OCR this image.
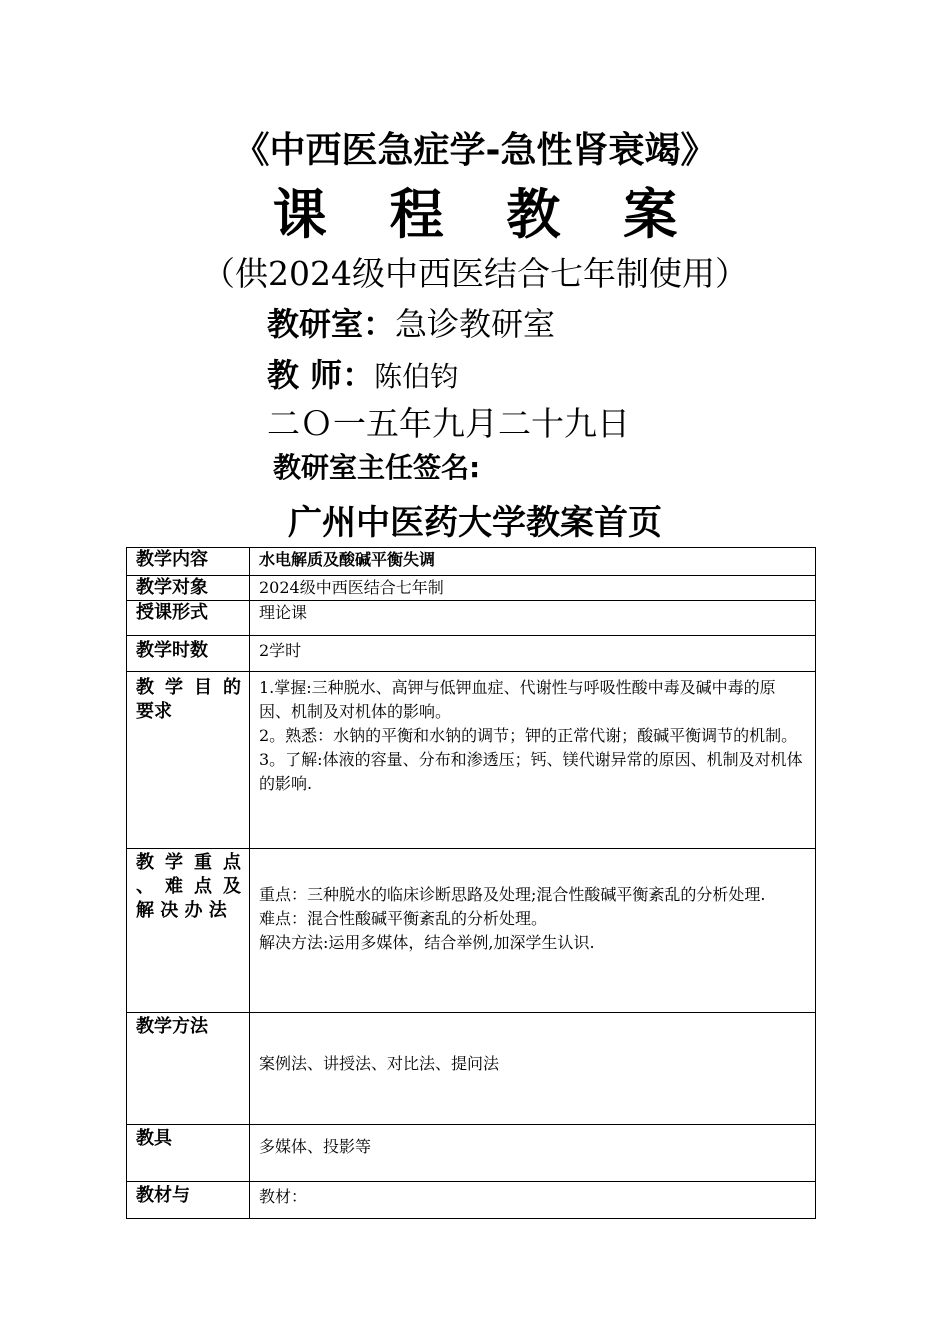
《中西医急症学-急性肾衰竭》
课 程 教 案
（供2024级中西医结合七年制使用）
教研室：急诊教研室
教 师：陈伯钧
二Ｏ一五年九月二十九日
教研室主任签名:
广州中医药大学教案首页
教学内容	水电解质及酸碱平衡失调
教学对象	2024级中西医结合七年制
授课形式	理论课
教学时数	2学时

教 学 目 的要求	1.掌握:三种脱水、高钾与低钾血症、代谢性与呼吸性酸中毒及碱中毒的原因、机制及对机体的影响。
2。熟悉：水钠的平衡和水钠的调节；钾的正常代谢；酸碱平衡调节的机制。
3。了解:体液的容量、分布和渗透压；钙、镁代谢异常的原因、机制及对机体的影响.

教 学 重 点 、 难 点 及 解 决 办 法	重点：三种脱水的临床诊断思路及处理;混合性酸碱平衡紊乱的分析处理.
难点：混合性酸碱平衡紊乱的分析处理。
解决方法:运用多媒体，结合举例,加深学生认识.

教学方法	案例法、讲授法、对比法、提问法
教具	多媒体、投影等
教材与	教材：
